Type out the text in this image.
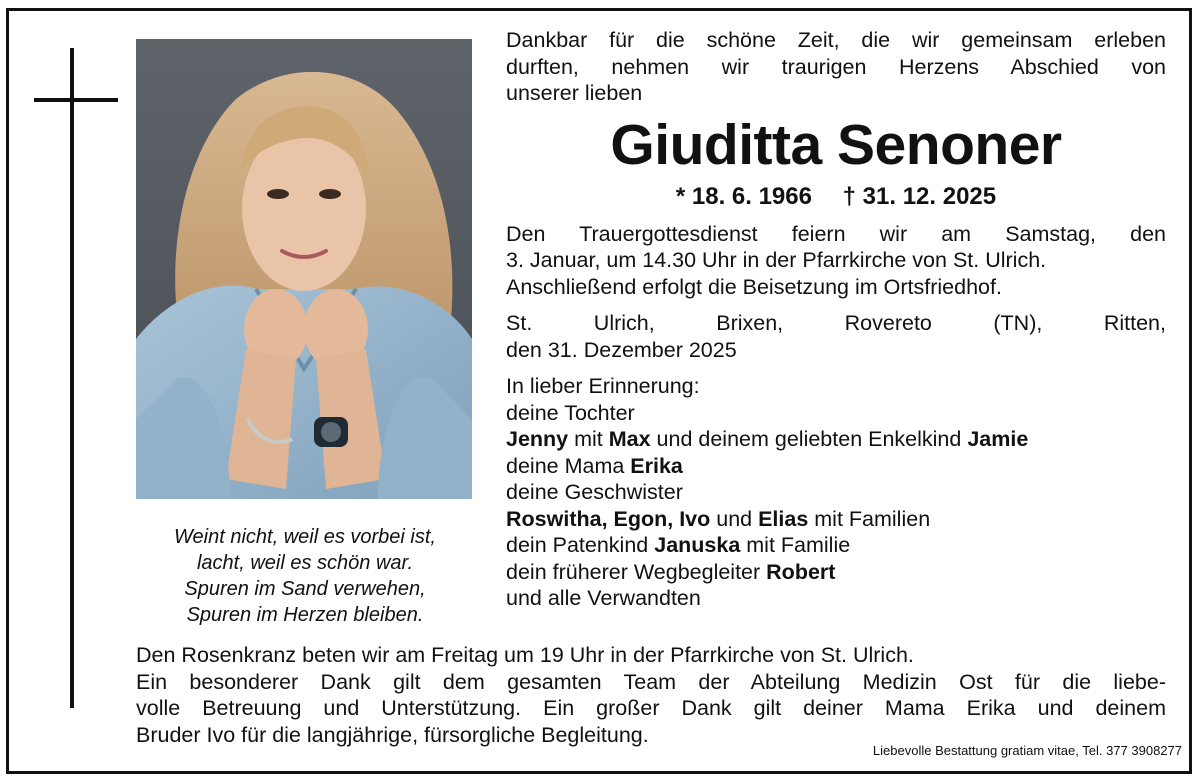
Weint nicht, weil es vorbei ist,
lacht, weil es schön war.
Spuren im Sand verwehen,
Spuren im Herzen bleiben.
Dankbar für die schöne Zeit, die wir gemeinsam erleben
durften, nehmen wir traurigen Herzens Abschied von
unserer lieben
Giuditta Senoner
* 18. 6. 1966 † 31. 12. 2025
Den Trauergottesdienst feiern wir am Samstag, den
3. Januar, um 14.30 Uhr in der Pfarrkirche von St. Ulrich.
Anschließend erfolgt die Beisetzung im Ortsfriedhof.
St. Ulrich, Brixen, Rovereto (TN), Ritten,
den 31. Dezember 2025
In lieber Erinnerung:
deine Tochter
Jenny mit Max und deinem geliebten Enkelkind Jamie
deine Mama Erika
deine Geschwister
Roswitha, Egon, Ivo und Elias mit Familien
dein Patenkind Januska mit Familie
dein früherer Wegbegleiter Robert
und alle Verwandten
Den Rosenkranz beten wir am Freitag um 19 Uhr in der Pfarrkirche von St. Ulrich.
Ein besonderer Dank gilt dem gesamten Team der Abteilung Medizin Ost für die liebe-
volle Betreuung und Unterstützung. Ein großer Dank gilt deiner Mama Erika und deinem
Bruder Ivo für die langjährige, fürsorgliche Begleitung.
Liebevolle Bestattung gratiam vitae, Tel. 377 3908277
